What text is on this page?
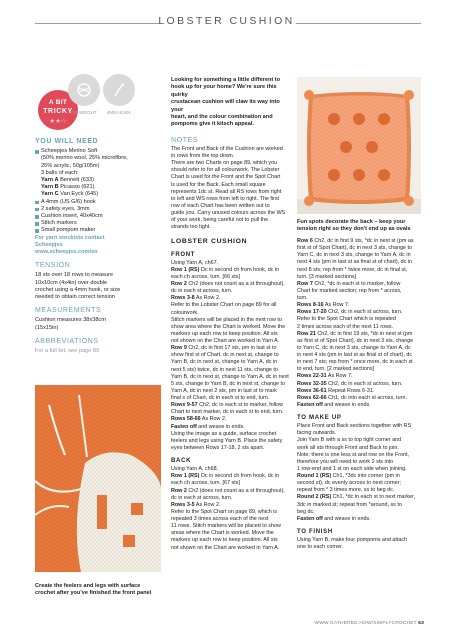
LOBSTER CUSHION
A BIT
TRICKY
★★☆
DK WEIGHT	4MM HOOK
YOU WILL NEED
Scheepjes Merino Soft
(50% merino wool, 25% microfibre,
25% acrylic, 50g/105m)
3 balls of each:
Yarn A Bennett (633)
Yarn B Picasso (621)
Yarn C Van Eyck (645)
A 4mm (US G/6) hook
2 safety eyes, 3mm
Cushion insert, 40x40cm
Stitch markers
Small pompom maker
For yarn stockists contact
Scheepjes
www.scheepjes.com/en
TENSION
18 sts over 18 rows to measure
10x10cm (4x4in) over double
crochet using a 4mm hook, or size
needed to obtain correct tension
MEASUREMENTS
Cushion measures 38x38cm
(15x15in)
ABBREVIATIONS
For a full list, see page 89
Create the feelers and legs with surface
crochet after you've finished the front panel
Looking for something a little different to
hook up for your home? We're sure this quirky
crustacean cushion will claw its way into your
heart, and the colour combination and
pompoms give it kitsch appeal.
NOTES
The Front and Back of the Cushion are worked
in rows from the top down.
There are two Charts on page 89, which you
should refer to for all colourwork. The Lobster
Chart is used for the Front and the Spot Chart
is used for the Back. Each small square
represents 1dc st. Read all RS rows from right
to left and WS rows from left to right. The first
row of each Chart has been written out to
guide you. Carry unused colours across the WS
of your work, being careful not to pull the
strands too tight.
LOBSTER CUSHION
FRONT
Using Yarn A, ch67.
Row 1 (RS) Dc in second ch from hook, dc in
each ch across, turn. [66 sts]
Row 2 Ch2 (does not count as a st throughout),
dc in each st across, turn.
Rows 3-8 As Row 2.
Refer to the Lobster Chart on page 89 for all
colourwork.
Stitch markers will be placed in the next row to
show area where the Chart is worked. Move the
markers up each row to keep position. All sts
not shown on the Chart are worked in Yarn A.
Row 9 Ch2, dc in first 17 sts, pm in last st to
show first st of Chart, dc in next st, change to
Yarn B, dc in next st, change to Yarn A, dc in
next 5 sts) twice, dc in next 11 sts, change to
Yarn B, dc in next st, change to Yarn A, dc in next
5 sts, change to Yarn B, dc in next st, change to
Yarn A, dc in next 2 sts, pm in last st to mark
final s of Chart, dc in each st to end, turn.
Rows 9-57 Ch2, dc in each st to marker, follow
Chart to next marker, dc in each st to end, turn.
Rows 58-66 As Row 2.
Fasten off and weave in ends.
Using the image as a guide, surface crochet
feelers and legs using Yarn B. Place the safety
eyes between Rows 17-18, 2 sts apart.
BACK
Using Yarn A, ch68.
Row 1 (RS) Dc in second ch from hook, dc in
each ch across, turn. [67 sts]
Row 2 Ch2 (does not count as a st throughout),
dc in each st across, turn.
Rows 3-5 As Row 2.
Refer to the Spot Chart on page 89, which is
repeated 3 times across each of the next
11 rows. Stitch markers will be placed to show
areas where the Chart is worked. Move the
markers up each row to keep position. All sts
not shown on the Chart are worked in Yarn A.
Fun spots decorate the back – keep your
tension right so they don't end up as ovals
Row 6 Ch2, dc in first 9 sts, *dc in next st (pm as
first st of Spot Chart), dc in next 3 sts, change to
Yarn C, dc in next 3 sts, change to Yarn A, dc in
next 4 sts (pm in last st as final st of chart), dc in
next 8 sts; rep from * twice more, dc in final st,
turn. [3 marked sections]
Row 7 Ch2, *dc in each st to marker, follow
Chart for marked section; rep from * across,
turn.
Rows 8-16 As Row 7.
Rows 17-20 Ch2, dc in each st across, turn.
Refer to the Spot Chart which is repeated
2 times across each of the next 11 rows.
Row 21 Ch2, dc in first 19 sts, *dc in next st (pm
as first st of Spot Chart), dc in next 3 sts, change
to Yarn C, dc in next 3 sts, change to Yarn A, dc
in next 4 sts (pm in last st as final st of chart), dc
in next 7 sts; rep from * once more, dc in each st
to end, turn. [2 marked sections]
Rows 22-31 As Row 7.
Rows 32-35 Ch2, dc in each st across, turn.
Rows 36-61 Repeat Rows 6-31.
Rows 62-66 Ch1, dc into each st across, turn.
Fasten off and weave in ends.
TO MAKE UP
Place Front and Back sections together with RS
facing outwards.
Join Yarn B with a ss to top right corner and
work all sts through Front and Back to join.
Note: there is one less st and row on the Front,
therefore you will need to work 2 sts into
1 row-end and 1 st on each side when joining.
Round 1 (RS) Ch1, *3dc into corner (pm in
second st), dc evenly across to next corner;
repeat from * 3 times more, ss to beg dc.
Round 2 (RS) Ch1, *dc in each st to next marker,
3dc in marked st; repeat from *around, ss to
beg dc.
Fasten off and weave in ends.
TO FINISH
Using Yarn B, make four pompoms and attach
one to each corner.
WWW.GATHERED.HOW/SIMPLYCROCHET 63
